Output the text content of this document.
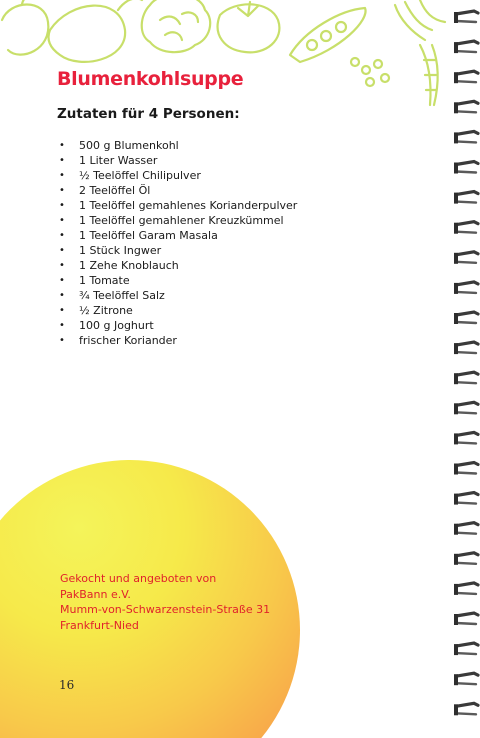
Blumenkohlsuppe
Zutaten für 4 Personen:
• 500 g Blumenkohl
• 1 Liter Wasser
• ½ Teelöffel Chilipulver
• 2 Teelöffel Öl
• 1 Teelöffel gemahlenes Korianderpulver
• 1 Teelöffel gemahlener Kreuzkümmel
• 1 Teelöffel Garam Masala
• 1 Stück Ingwer
• 1 Zehe Knoblauch
• 1 Tomate
• ¾ Teelöffel Salz
• ½ Zitrone
• 100 g Joghurt
• frischer Koriander
Gekocht und angeboten von
PakBann e.V.
Mumm-von-Schwarzenstein-Straße 31
Frankfurt-Nied
16
